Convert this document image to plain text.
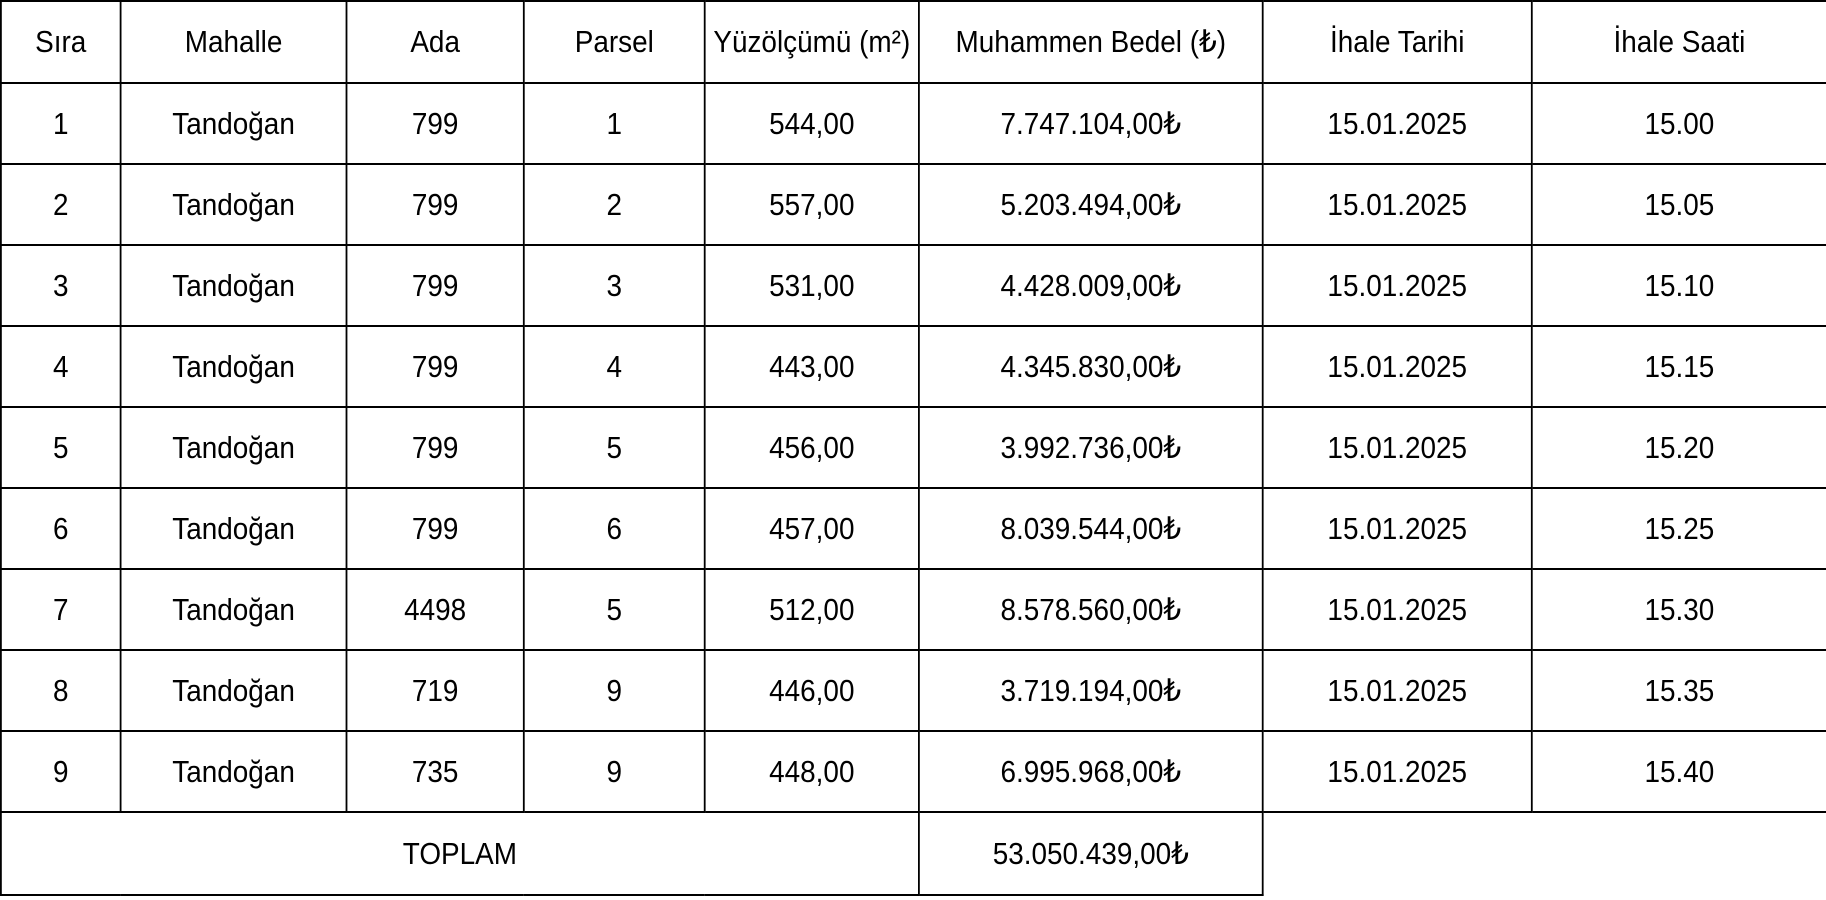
Sıra	Mahalle	Ada	Parsel	Yüzölçümü (m²)	Muhammen Bedel (₺)	İhale Tarihi	İhale Saati
1	Tandoğan	799	1	544,00	7.747.104,00₺	15.01.2025	15.00
2	Tandoğan	799	2	557,00	5.203.494,00₺	15.01.2025	15.05
3	Tandoğan	799	3	531,00	4.428.009,00₺	15.01.2025	15.10
4	Tandoğan	799	4	443,00	4.345.830,00₺	15.01.2025	15.15
5	Tandoğan	799	5	456,00	3.992.736,00₺	15.01.2025	15.20
6	Tandoğan	799	6	457,00	8.039.544,00₺	15.01.2025	15.25
7	Tandoğan	4498	5	512,00	8.578.560,00₺	15.01.2025	15.30
8	Tandoğan	719	9	446,00	3.719.194,00₺	15.01.2025	15.35
9	Tandoğan	735	9	448,00	6.995.968,00₺	15.01.2025	15.40
TOPLAM					53.050.439,00₺		
